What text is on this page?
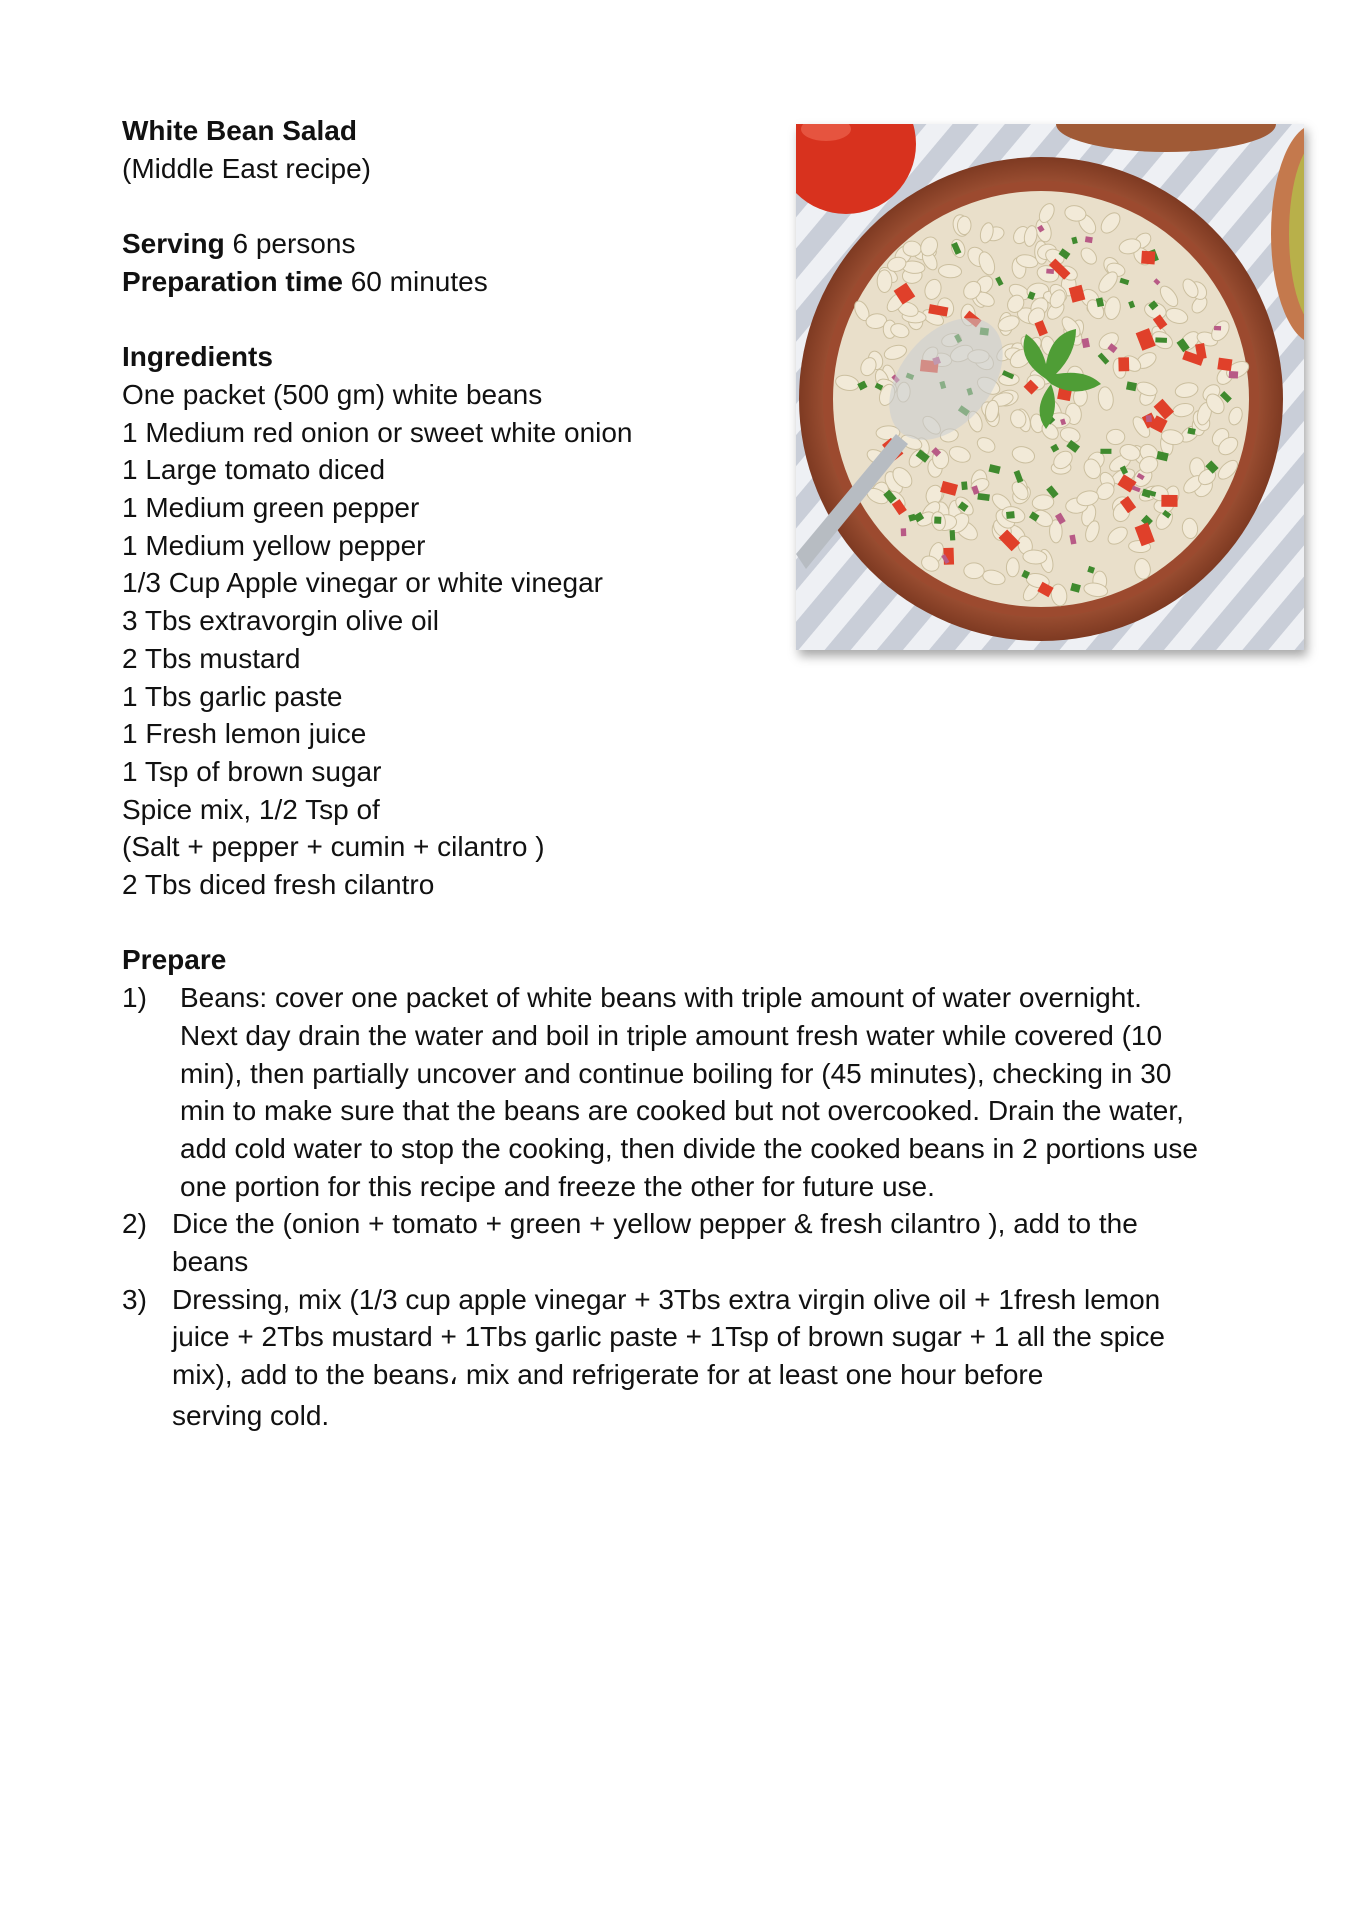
White Bean Salad
(Middle East recipe)
Serving 6 persons
Preparation time 60 minutes
Ingredients
One packet (500 gm) white beans
1 Medium red onion or sweet white onion
1 Large tomato diced
1 Medium green pepper
1 Medium yellow pepper
1/3 Cup Apple vinegar or white vinegar
3 Tbs extravorgin olive oil
2 Tbs mustard
1 Tbs garlic paste
1 Fresh lemon juice
1 Tsp of brown sugar
Spice mix, 1/2 Tsp of
(Salt + pepper + cumin + cilantro )
2 Tbs diced fresh cilantro
Prepare
1)	Beans: cover one packet of white beans with triple amount of water overnight. Next day drain the water and boil in triple amount fresh water while covered (10 min), then partially uncover and continue boiling for (45 minutes), checking in 30 min to make sure that the beans are cooked but not overcooked. Drain the water, add cold water to stop the cooking, then divide the cooked beans in 2 portions use one portion for this recipe and freeze the other for future use.
2) Dice the (onion + tomato + green + yellow pepper & fresh cilantro ), add to the beans
3) Dressing, mix (1/3 cup apple vinegar + 3Tbs extra virgin olive oil + 1fresh lemon juice + 2Tbs mustard + 1Tbs garlic paste + 1Tsp of brown sugar + 1 all the spice mix), add to the beans، mix and refrigerate for at least one hour before
serving cold.
